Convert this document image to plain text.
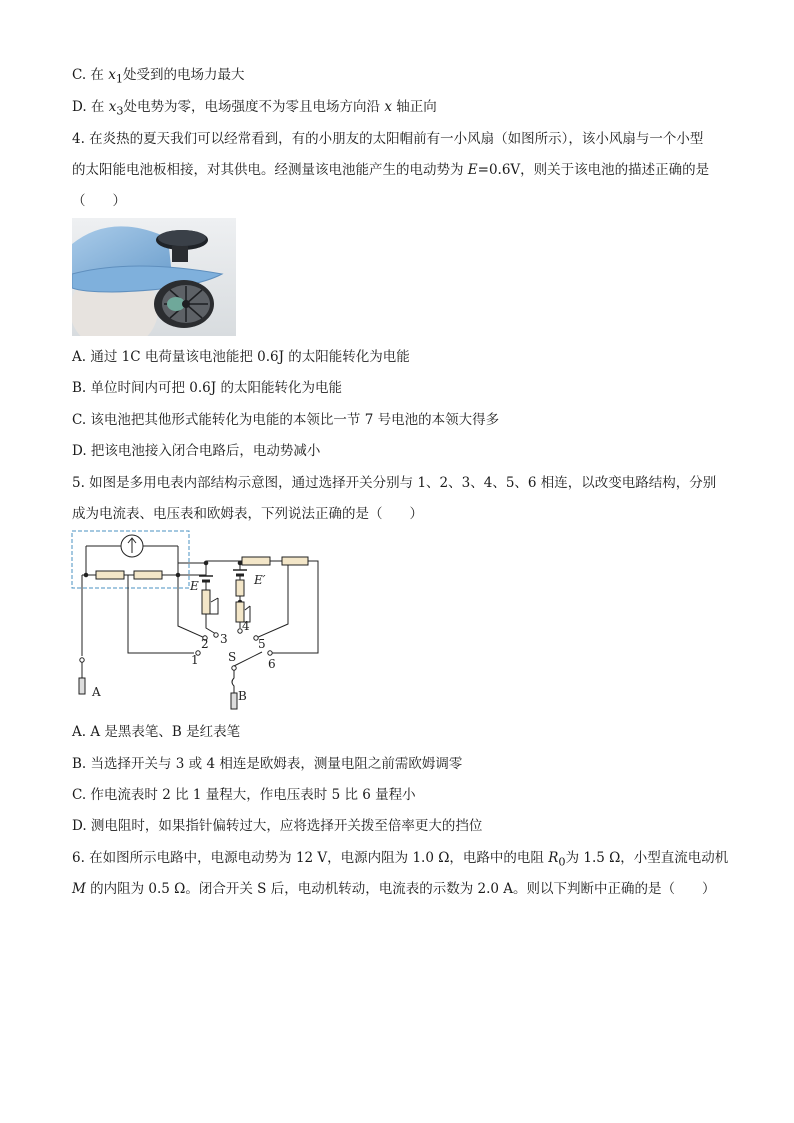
C. 在 $x_1$处受到的电场力最大
D. 在 $x_3$处电势为零，电场强度不为零且电场方向沿 x 轴正向
4. 在炎热的夏天我们可以经常看到，有的小朋友的太阳帽前有一小风扇（如图所示），该小风扇与一个小型
的太阳能电池板相接，对其供电。经测量该电池能产生的电动势为 E=0.6V，则关于该电池的描述正确的是
（　　）
A. 通过 1C 电荷量该电池能把 0.6J 的太阳能转化为电能
B. 单位时间内可把 0.6J 的太阳能转化为电能
C. 该电池把其他形式能转化为电能的本领比一节 7 号电池的本领大得多
D. 把该电池接入闭合电路后，电动势减小
5. 如图是多用电表内部结构示意图，通过选择开关分别与 1、2、3、4、5、6 相连，以改变电路结构，分别
成为电流表、电压表和欧姆表，下列说法正确的是（　　）
E	E′
A	B
S
1
2 3
4
5
6
A. A 是黑表笔、B 是红表笔
B. 当选择开关与 3 或 4 相连是欧姆表，测量电阻之前需欧姆调零
C. 作电流表时 2 比 1 量程大，作电压表时 5 比 6 量程小
D. 测电阻时，如果指针偏转过大，应将选择开关拨至倍率更大的挡位
6. 在如图所示电路中，电源电动势为 12 V，电源内阻为 1.0 Ω，电路中的电阻 $R_0$为 1.5 Ω，小型直流电动机
M 的内阻为 0.5 Ω。闭合开关 S 后，电动机转动，电流表的示数为 2.0 A。则以下判断中正确的是（　　）
